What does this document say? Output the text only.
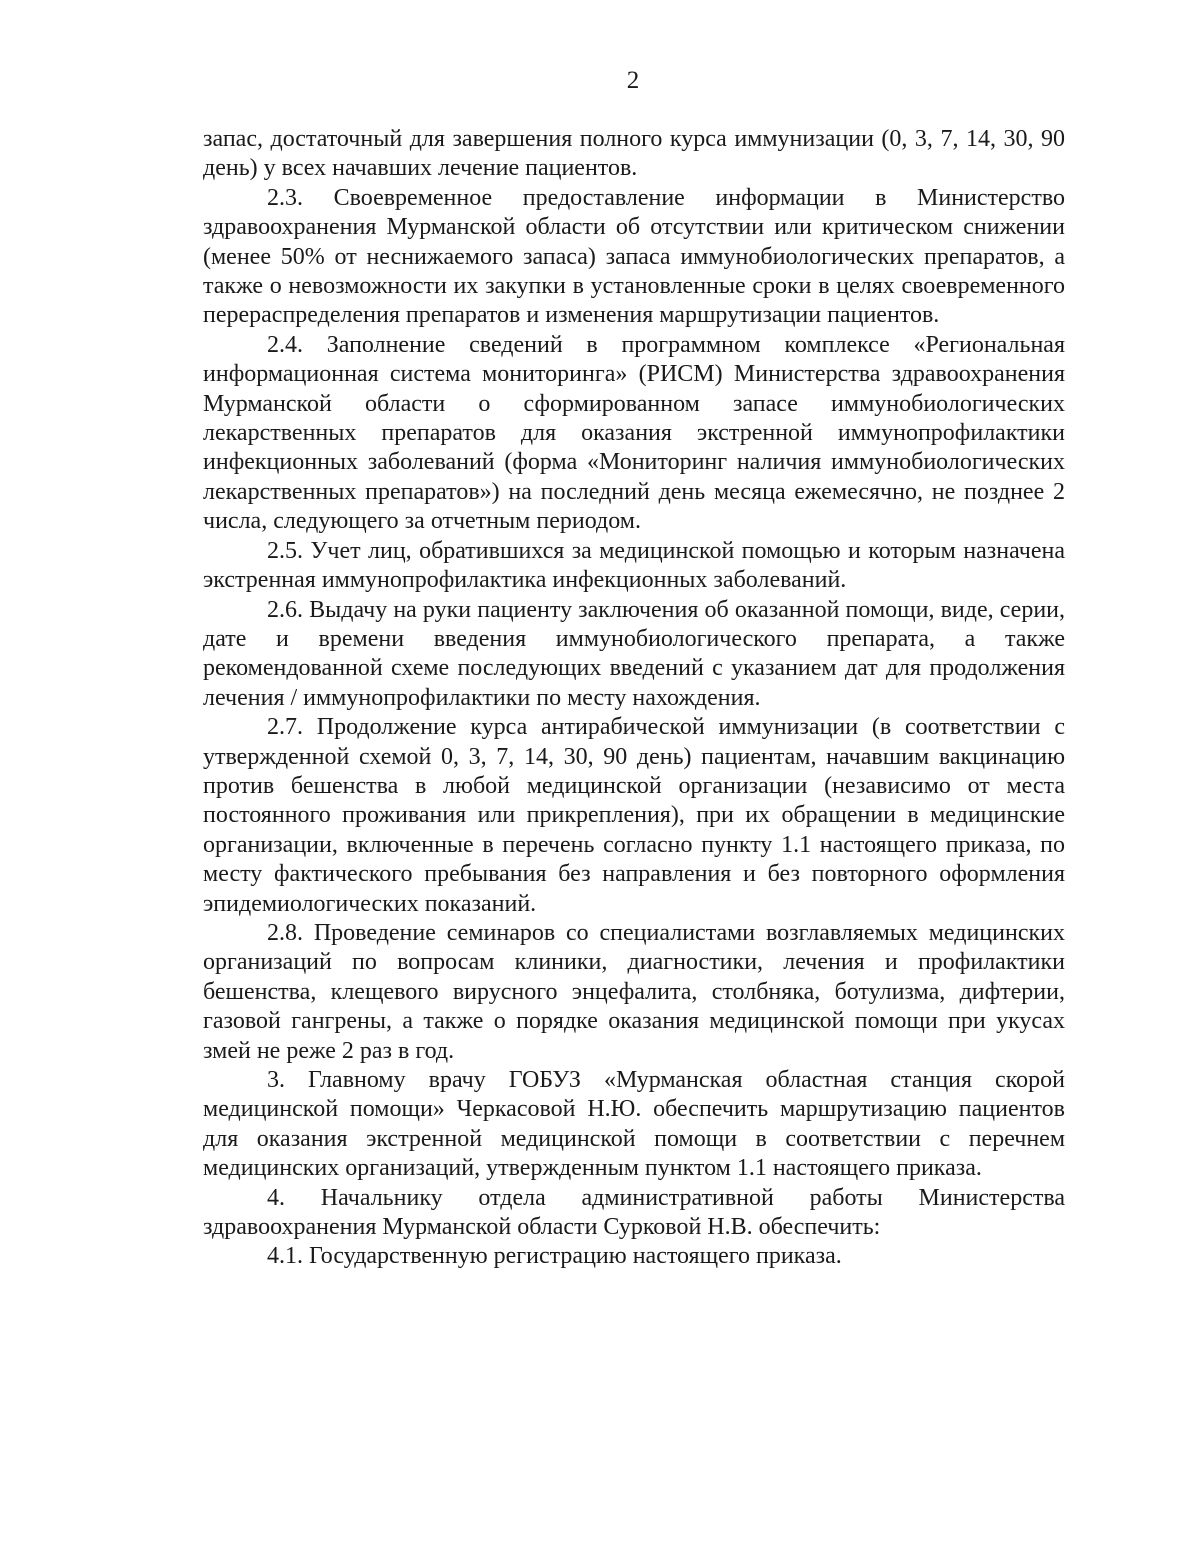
2

запас, достаточный для завершения полного курса иммунизации (0, 3, 7, 14, 30, 90 день) у всех начавших лечение пациентов.

2.3. Своевременное предоставление информации в Министерство здравоохранения Мурманской области об отсутствии или критическом снижении (менее 50% от неснижаемого запаса) запаса иммунобиологических препаратов, а также о невозможности их закупки в установленные сроки в целях своевременного перераспределения препаратов и изменения маршрутизации пациентов.

2.4. Заполнение сведений в программном комплексе «Региональная информационная система мониторинга» (РИСМ) Министерства здравоохранения Мурманской области о сформированном запасе иммунобиологических лекарственных препаратов для оказания экстренной иммунопрофилактики инфекционных заболеваний (форма «Мониторинг наличия иммунобиологических лекарственных препаратов») на последний день месяца ежемесячно, не позднее 2 числа, следующего за отчетным периодом.

2.5. Учет лиц, обратившихся за медицинской помощью и которым назначена экстренная иммунопрофилактика инфекционных заболеваний.

2.6. Выдачу на руки пациенту заключения об оказанной помощи, виде, серии, дате и времени введения иммунобиологического препарата, а также рекомендованной схеме последующих введений с указанием дат для продолжения лечения / иммунопрофилактики по месту нахождения.

2.7. Продолжение курса антирабической иммунизации (в соответствии с утвержденной схемой 0, 3, 7, 14, 30, 90 день) пациентам, начавшим вакцинацию против бешенства в любой медицинской организации (независимо от места постоянного проживания или прикрепления), при их обращении в медицинские организации, включенные в перечень согласно пункту 1.1 настоящего приказа, по месту фактического пребывания без направления и без повторного оформления эпидемиологических показаний.

2.8. Проведение семинаров со специалистами возглавляемых медицинских организаций по вопросам клиники, диагностики, лечения и профилактики бешенства, клещевого вирусного энцефалита, столбняка, ботулизма, дифтерии, газовой гангрены, а также о порядке оказания медицинской помощи при укусах змей не реже 2 раз в год.

3. Главному врачу ГОБУЗ «Мурманская областная станция скорой медицинской помощи» Черкасовой Н.Ю. обеспечить маршрутизацию пациентов для оказания экстренной медицинской помощи в соответствии с перечнем медицинских организаций, утвержденным пунктом 1.1 настоящего приказа.

4. Начальнику отдела административной работы Министерства здравоохранения Мурманской области Сурковой Н.В. обеспечить:

4.1. Государственную регистрацию настоящего приказа.
